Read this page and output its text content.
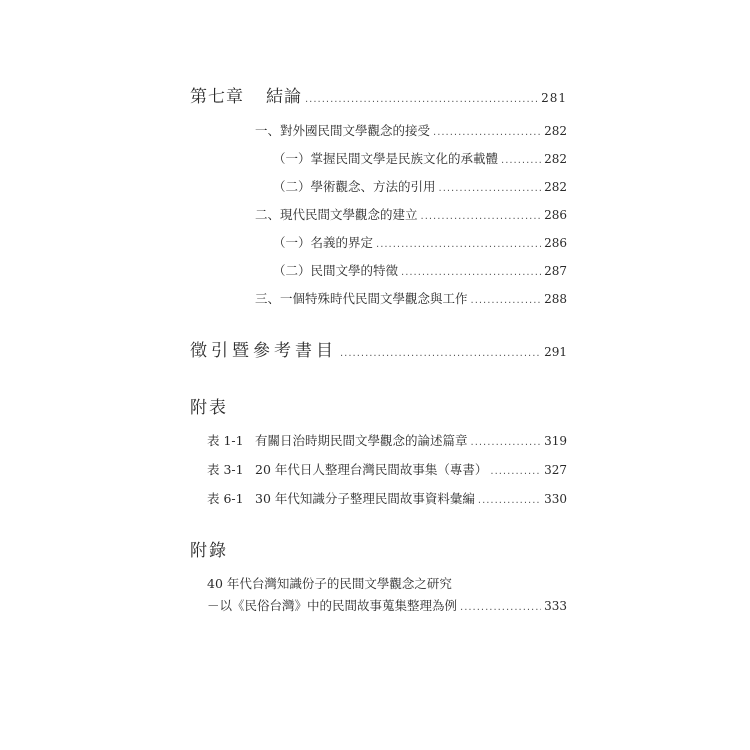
第七章 結論 .....	281
一、對外國民間文學觀念的接受 .....	282
（一）掌握民間文學是民族文化的承載體 .....	282
（二）學術觀念、方法的引用 .....	282
二、現代民間文學觀念的建立 .....	286
（一）名義的界定 .....	286
（二）民間文學的特徵 .....	287
三、一個特殊時代民間文學觀念與工作 .....	288
徵引暨參考書目 .....	291
附表
表 1-1 有關日治時期民間文學觀念的論述篇章 .....	319
表 3-1 20 年代日人整理台灣民間故事集（專書） .....	327
表 6-1 30 年代知識分子整理民間故事資料彙編 .....	330
附錄
40 年代台灣知識份子的民間文學觀念之研究
－以《民俗台灣》中的民間故事蒐集整理為例 .....	333
